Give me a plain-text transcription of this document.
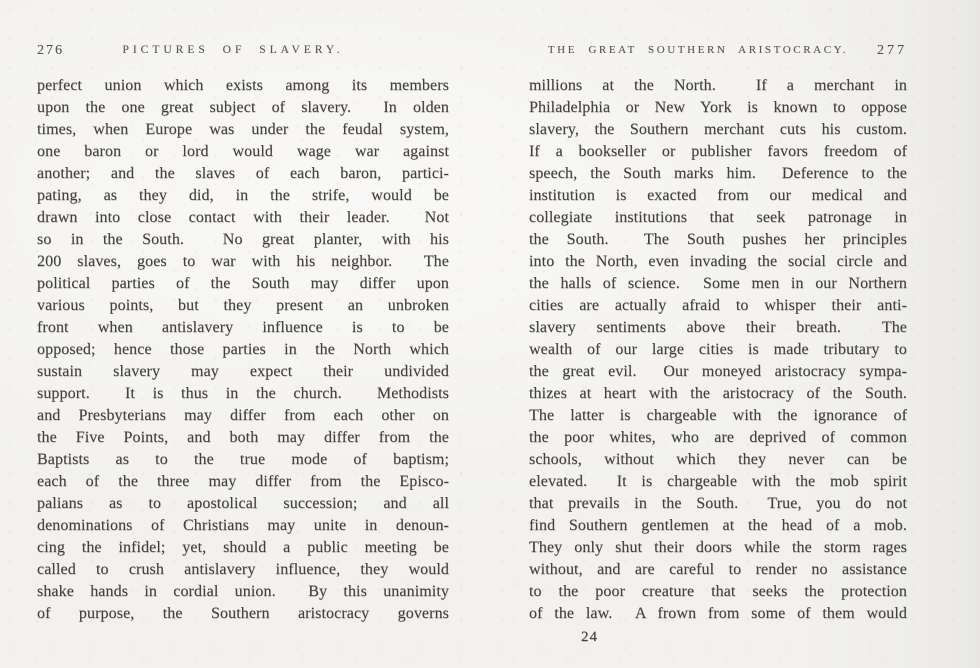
276	PICTURES OF SLAVERY.
perfect union which exists among its members
upon the one great subject of slavery.  In olden
times, when Europe was under the feudal system,
one baron or lord would wage war against
another; and the slaves of each baron, partici-
pating, as they did, in the strife, would be
drawn into close contact with their leader.  Not
so in the South.  No great planter, with his
200 slaves, goes to war with his neighbor.  The
political parties of the South may differ upon
various points, but they present an unbroken
front when antislavery influence is to be
opposed; hence those parties in the North which
sustain slavery may expect their undivided
support.  It is thus in the church.  Methodists
and Presbyterians may differ from each other on
the Five Points, and both may differ from the
Baptists as to the true mode of baptism;
each of the three may differ from the Episco-
palians as to apostolical succession; and all
denominations of Christians may unite in denoun-
cing the infidel; yet, should a public meeting be
called to crush antislavery influence, they would
shake hands in cordial union.  By this unanimity
of purpose, the Southern aristocracy governs
THE GREAT SOUTHERN ARISTOCRACY.	277
millions at the North.  If a merchant in
Philadelphia or New York is known to oppose
slavery, the Southern merchant cuts his custom.
If a bookseller or publisher favors freedom of
speech, the South marks him.  Deference to the
institution is exacted from our medical and
collegiate institutions that seek patronage in
the South.  The South pushes her principles
into the North, even invading the social circle and
the halls of science.  Some men in our Northern
cities are actually afraid to whisper their anti-
slavery sentiments above their breath.  The
wealth of our large cities is made tributary to
the great evil.  Our moneyed aristocracy sympa-
thizes at heart with the aristocracy of the South.
The latter is chargeable with the ignorance of
the poor whites, who are deprived of common
schools, without which they never can be
elevated.  It is chargeable with the mob spirit
that prevails in the South.  True, you do not
find Southern gentlemen at the head of a mob.
They only shut their doors while the storm rages
without, and are careful to render no assistance
to the poor creature that seeks the protection
of the law.  A frown from some of them would
24
